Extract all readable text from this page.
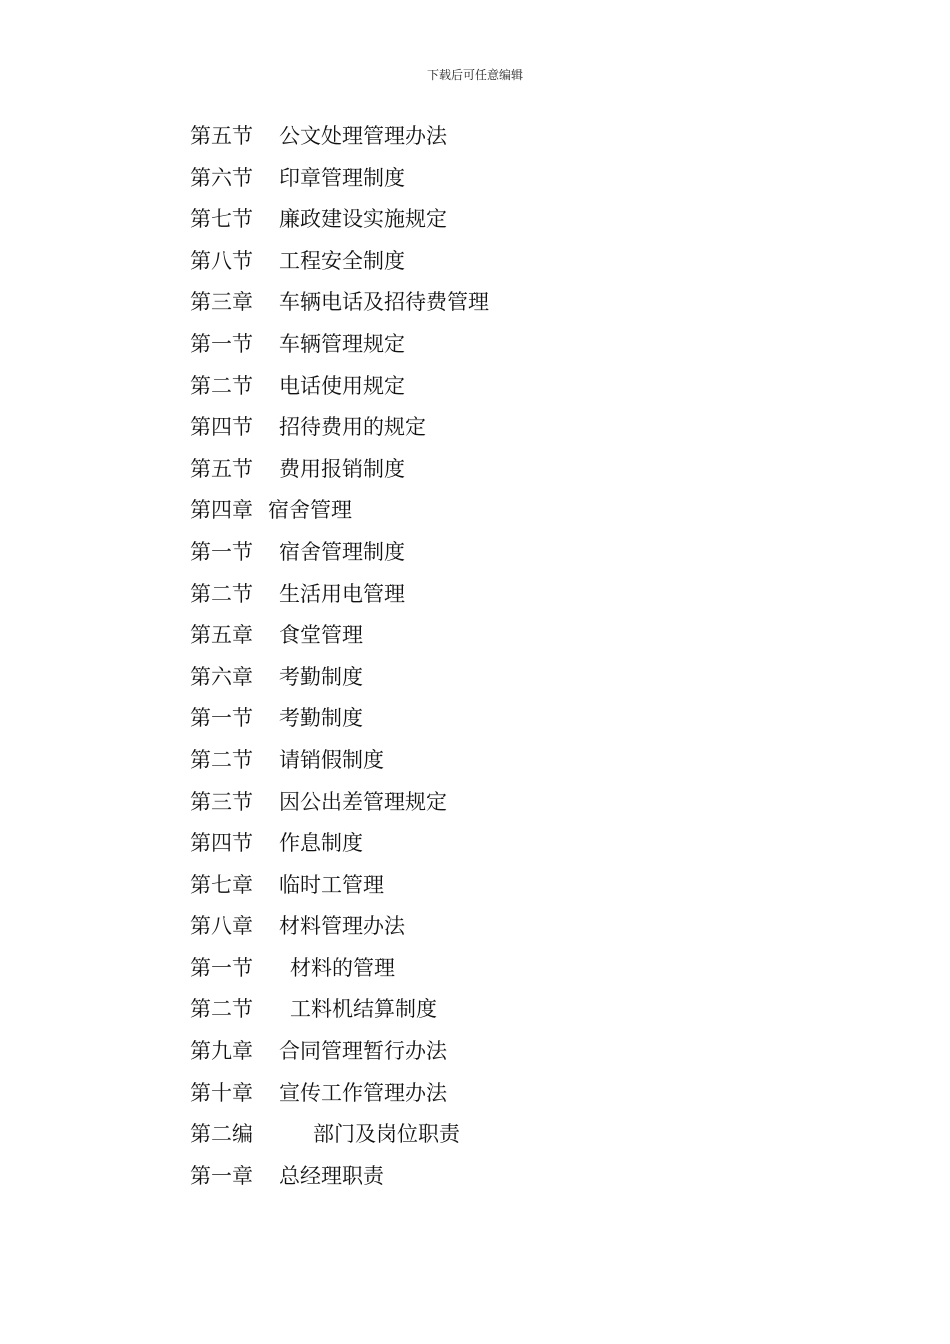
下载后可任意编辑
第五节	公文处理管理办法
第六节	印章管理制度
第七节	廉政建设实施规定
第八节	工程安全制度
第三章	车辆电话及招待费管理
第一节	车辆管理规定
第二节	电话使用规定
第四节	招待费用的规定
第五节	费用报销制度
第四章 宿舍管理
第一节	宿舍管理制度
第二节	生活用电管理
第五章	食堂管理
第六章	考勤制度
第一节	考勤制度
第二节	请销假制度
第三节	因公出差管理规定
第四节	作息制度
第七章	临时工管理
第八章	材料管理办法
第一节	材料的管理
第二节	工料机结算制度
第九章	合同管理暂行办法
第十章	宣传工作管理办法
第二编	部门及岗位职责
第一章	总经理职责
